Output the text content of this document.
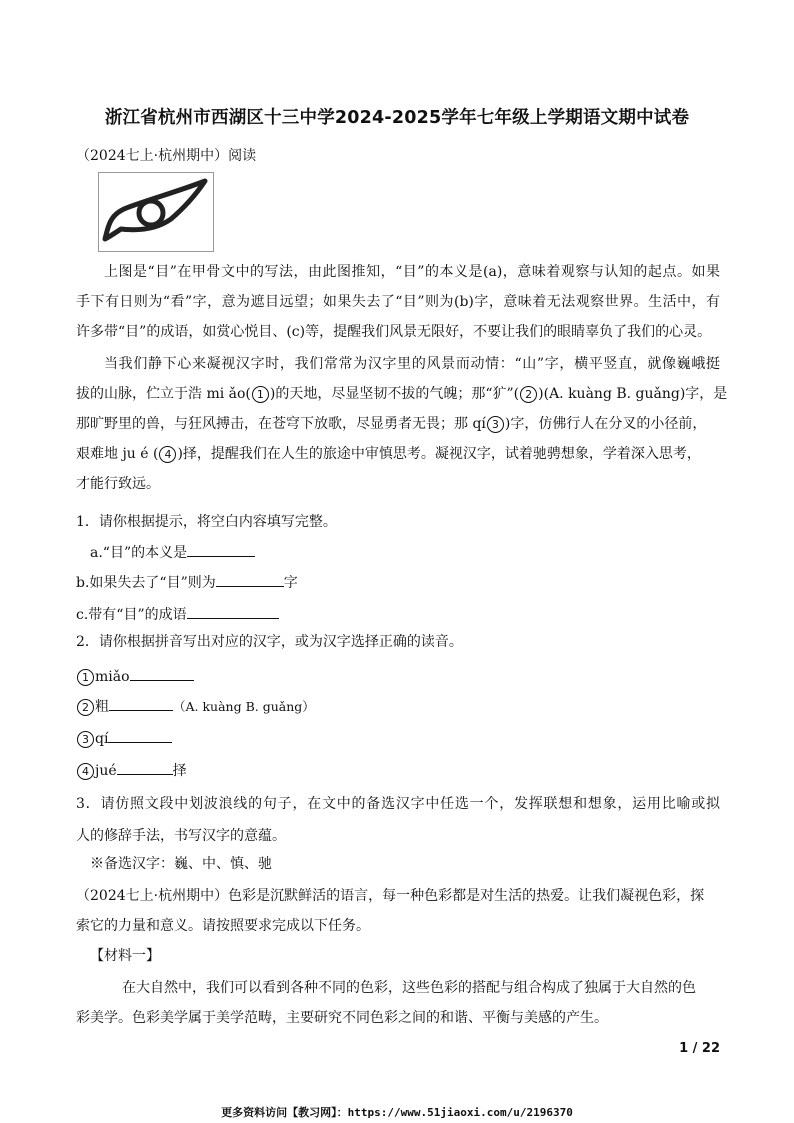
浙江省杭州市西湖区十三中学2024-2025学年七年级上学期语文期中试卷
（2024七上·杭州期中）阅读
上图是“目”在甲骨文中的写法，由此图推知，“目”的本义是(a)，意味着观察与认知的起点。如果
手下有日则为“看”字，意为遮目远望；如果失去了“目”则为(b)字，意味着无法观察世界。生活中，有
许多带“目”的成语，如赏心悦目、(c)等，提醒我们风景无限好，不要让我们的眼睛辜负了我们的心灵。
当我们静下心来凝视汉字时，我们常常为汉字里的风景而动情：“山”字，横平竖直，就像巍峨挺
拔的山脉，伫立于浩 mi ǎo( 1 )的天地，尽显坚韧不拔的气魄；那“犷”( 2 )(A. kuàng B. guǎng)字，是
那旷野里的兽，与狂风搏击，在苍穹下放歌，尽显勇者无畏；那 qí 3 )字，仿佛行人在分叉的小径前，
艰难地 ju é ( 4 )择，提醒我们在人生的旅途中审慎思考。凝视汉字，试着驰骋想象，学着深入思考，
才能行致远。
1．请你根据提示，将空白内容填写完整。
a.“目”的本义是
b.如果失去了“目”则为	字
c.带有“目”的成语
2．请你根据拼音写出对应的汉字，或为汉字选择正确的读音。
1 miǎo
2 粗	（A. kuàng B. guǎng）
3 qí
4 jué	择
3．请仿照文段中划波浪线的句子，在文中的备选汉字中任选一个，发挥联想和想象，运用比喻或拟
人的修辞手法，书写汉字的意蕴。
※备选汉字：巍、中、慎、驰
（2024七上·杭州期中）色彩是沉默鲜活的语言，每一种色彩都是对生活的热爱。让我们凝视色彩，探
索它的力量和意义。请按照要求完成以下任务。
【材料一】
在大自然中，我们可以看到各种不同的色彩，这些色彩的搭配与组合构成了独属于大自然的色
彩美学。色彩美学属于美学范畴，主要研究不同色彩之间的和谐、平衡与美感的产生。
1 / 22
更多资料访问【教习网】：https://www.51jiaoxi.com/u/2196370
